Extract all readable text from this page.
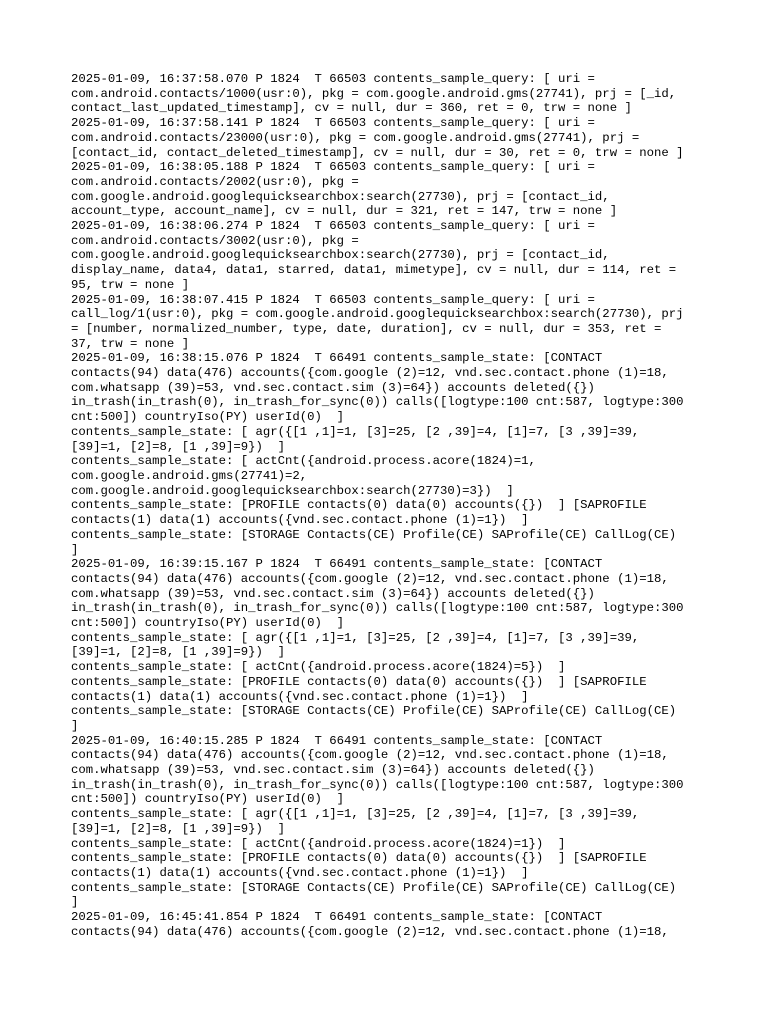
2025-01-09, 16:37:58.070 P 1824  T 66503 contents_sample_query: [ uri =

com.android.contacts/1000(usr:0), pkg = com.google.android.gms(27741), prj = [_id,

contact_last_updated_timestamp], cv = null, dur = 360, ret = 0, trw = none ]

2025-01-09, 16:37:58.141 P 1824  T 66503 contents_sample_query: [ uri =

com.android.contacts/23000(usr:0), pkg = com.google.android.gms(27741), prj =

[contact_id, contact_deleted_timestamp], cv = null, dur = 30, ret = 0, trw = none ]

2025-01-09, 16:38:05.188 P 1824  T 66503 contents_sample_query: [ uri =

com.android.contacts/2002(usr:0), pkg =

com.google.android.googlequicksearchbox:search(27730), prj = [contact_id,

account_type, account_name], cv = null, dur = 321, ret = 147, trw = none ]

2025-01-09, 16:38:06.274 P 1824  T 66503 contents_sample_query: [ uri =

com.android.contacts/3002(usr:0), pkg =

com.google.android.googlequicksearchbox:search(27730), prj = [contact_id,

display_name, data4, data1, starred, data1, mimetype], cv = null, dur = 114, ret =

95, trw = none ]

2025-01-09, 16:38:07.415 P 1824  T 66503 contents_sample_query: [ uri =

call_log/1(usr:0), pkg = com.google.android.googlequicksearchbox:search(27730), prj

= [number, normalized_number, type, date, duration], cv = null, dur = 353, ret =

37, trw = none ]

2025-01-09, 16:38:15.076 P 1824  T 66491 contents_sample_state: [CONTACT

contacts(94) data(476) accounts({com.google (2)=12, vnd.sec.contact.phone (1)=18,

com.whatsapp (39)=53, vnd.sec.contact.sim (3)=64}) accounts deleted({})

in_trash(in_trash(0), in_trash_for_sync(0)) calls([logtype:100 cnt:587, logtype:300

cnt:500]) countryIso(PY) userId(0)  ]

contents_sample_state: [ agr({[1 ,1]=1, [3]=25, [2 ,39]=4, [1]=7, [3 ,39]=39,

[39]=1, [2]=8, [1 ,39]=9})  ]

contents_sample_state: [ actCnt({android.process.acore(1824)=1,

com.google.android.gms(27741)=2,

com.google.android.googlequicksearchbox:search(27730)=3})  ]

contents_sample_state: [PROFILE contacts(0) data(0) accounts({})  ] [SAPROFILE

contacts(1) data(1) accounts({vnd.sec.contact.phone (1)=1})  ]

contents_sample_state: [STORAGE Contacts(CE) Profile(CE) SAProfile(CE) CallLog(CE)

]

2025-01-09, 16:39:15.167 P 1824  T 66491 contents_sample_state: [CONTACT

contacts(94) data(476) accounts({com.google (2)=12, vnd.sec.contact.phone (1)=18,

com.whatsapp (39)=53, vnd.sec.contact.sim (3)=64}) accounts deleted({})

in_trash(in_trash(0), in_trash_for_sync(0)) calls([logtype:100 cnt:587, logtype:300

cnt:500]) countryIso(PY) userId(0)  ]

contents_sample_state: [ agr({[1 ,1]=1, [3]=25, [2 ,39]=4, [1]=7, [3 ,39]=39,

[39]=1, [2]=8, [1 ,39]=9})  ]

contents_sample_state: [ actCnt({android.process.acore(1824)=5})  ]

contents_sample_state: [PROFILE contacts(0) data(0) accounts({})  ] [SAPROFILE

contacts(1) data(1) accounts({vnd.sec.contact.phone (1)=1})  ]

contents_sample_state: [STORAGE Contacts(CE) Profile(CE) SAProfile(CE) CallLog(CE)

]

2025-01-09, 16:40:15.285 P 1824  T 66491 contents_sample_state: [CONTACT

contacts(94) data(476) accounts({com.google (2)=12, vnd.sec.contact.phone (1)=18,

com.whatsapp (39)=53, vnd.sec.contact.sim (3)=64}) accounts deleted({})

in_trash(in_trash(0), in_trash_for_sync(0)) calls([logtype:100 cnt:587, logtype:300

cnt:500]) countryIso(PY) userId(0)  ]

contents_sample_state: [ agr({[1 ,1]=1, [3]=25, [2 ,39]=4, [1]=7, [3 ,39]=39,

[39]=1, [2]=8, [1 ,39]=9})  ]

contents_sample_state: [ actCnt({android.process.acore(1824)=1})  ]

contents_sample_state: [PROFILE contacts(0) data(0) accounts({})  ] [SAPROFILE

contacts(1) data(1) accounts({vnd.sec.contact.phone (1)=1})  ]

contents_sample_state: [STORAGE Contacts(CE) Profile(CE) SAProfile(CE) CallLog(CE)

]

2025-01-09, 16:45:41.854 P 1824  T 66491 contents_sample_state: [CONTACT

contacts(94) data(476) accounts({com.google (2)=12, vnd.sec.contact.phone (1)=18,
